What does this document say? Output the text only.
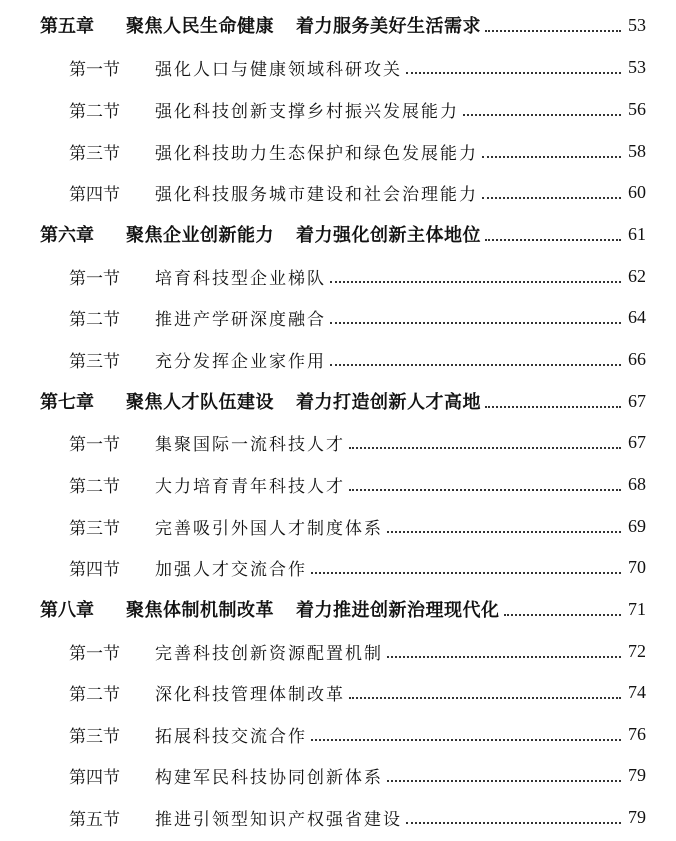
第五章	聚焦人民生命健康 着力服务美好生活需求	53
第一节	强化人口与健康领域科研攻关	53
第二节	强化科技创新支撑乡村振兴发展能力	56
第三节	强化科技助力生态保护和绿色发展能力	58
第四节	强化科技服务城市建设和社会治理能力	60
第六章	聚焦企业创新能力 着力强化创新主体地位	61
第一节	培育科技型企业梯队	62
第二节	推进产学研深度融合	64
第三节	充分发挥企业家作用	66
第七章	聚焦人才队伍建设 着力打造创新人才高地	67
第一节	集聚国际一流科技人才	67
第二节	大力培育青年科技人才	68
第三节	完善吸引外国人才制度体系	69
第四节	加强人才交流合作	70
第八章	聚焦体制机制改革 着力推进创新治理现代化	71
第一节	完善科技创新资源配置机制	72
第二节	深化科技管理体制改革	74
第三节	拓展科技交流合作	76
第四节	构建军民科技协同创新体系	79
第五节	推进引领型知识产权强省建设	79
